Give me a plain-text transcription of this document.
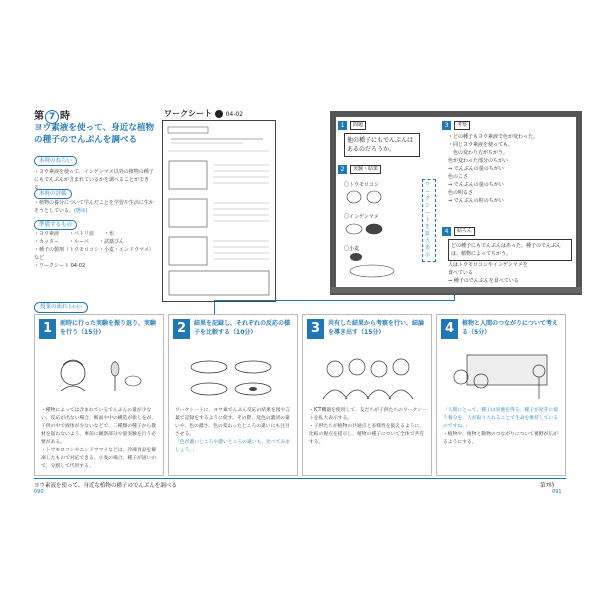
第 7 時
ヨウ素液を使って、身近な植物の種子のでんぷんを調べる
本時のねらい
・ヨウ素液を使って、インゲンマメ以外の植物の種子にもでんぷんが含まれているかを調べることができる。
本時の評価
・植物の養分について学んだことを学習や生活に生かそうとしている。(態①)
準備するもの
・ヨウ素液　　・ペトリ皿　　・布
・カッター　　・ルーペ　　・試薬びん
・種子の製剤（トウモロコシ・小麦・エンドウマメ）など
・ワークシート 04-02
ワークシート 04-02
1	問題
他の種子にもでんぷんはあるのだろうか。
2	実験・結果
〇トウモロコシ
〇インゲンマメ
〇小麦
ワークシートを拡大表示
3	考察
・どの種子もヨウ素液で色が変わった。
・同じヨウ素液を使っても、
　色の変わり方がちがう。
色が変わった部分のちがい
⇒ でんぷんの量のちがい
色のこさ
⇒ でんぷんの量のちがい
色の明るさ
⇒ でんぷんの粒のちがい
4	結ろん
どの種子にもでんぷんはあった。種子のでんぷんは、植物によってちがう。
人はトウモロコシやインゲンマメを
食べている
⇒ 種子のでんぷんを食べている
授業の流れ ▷▷▷
1	前時に行った実験を振り返り、実験を行う（15分）
・種物によっては含まれているでんぷんの量が少ない。反応が出ない場合、断面や中の構造が新しをが、子供の中で液体が少ないなどで、二種類の種子から教材を扱わないよう、事前に観察部分や量実験を行う必要がある。
・トウモロコシやエンドウマメなどは、冷凍食品を解凍したもので対応できる。小麦の場合、種子が固いので、分割して代用する。
2	結果を記録し、それぞれの反応の様子を比較する（10分）
ワークシートに、ヨウ素でんぷん反応の結果を図や言葉で記録をするように促す。その際、変色の濃淡の違いや、色の濃さ、色の変わったところの違いにも注目させる。
「色が濃いところや濃いところの違いも、比べてみましょう。」
3	共有した結果から考察を行い、結論を導き出す（15分）
・ICT機器を使用して、友だちが子供たちのワークシートを拡大表示する。
・子供たちが植物の共通点と多様性を扱えるように、比較の視点を提示し、植物の種子について全体で共有する。
4	植物と人間のつながりについて考える（5分）
「人間にとって、種子は栄養を得る。種子が発芽に使う養分を、人が取り入れることで生命を維持しているのですね。」
・植物や、植物と動物のつながりについて視野が広がるようにする。
ヨウ素液を使って、身近な植物の種子のでんぷんを調べる
090
第7時
091
